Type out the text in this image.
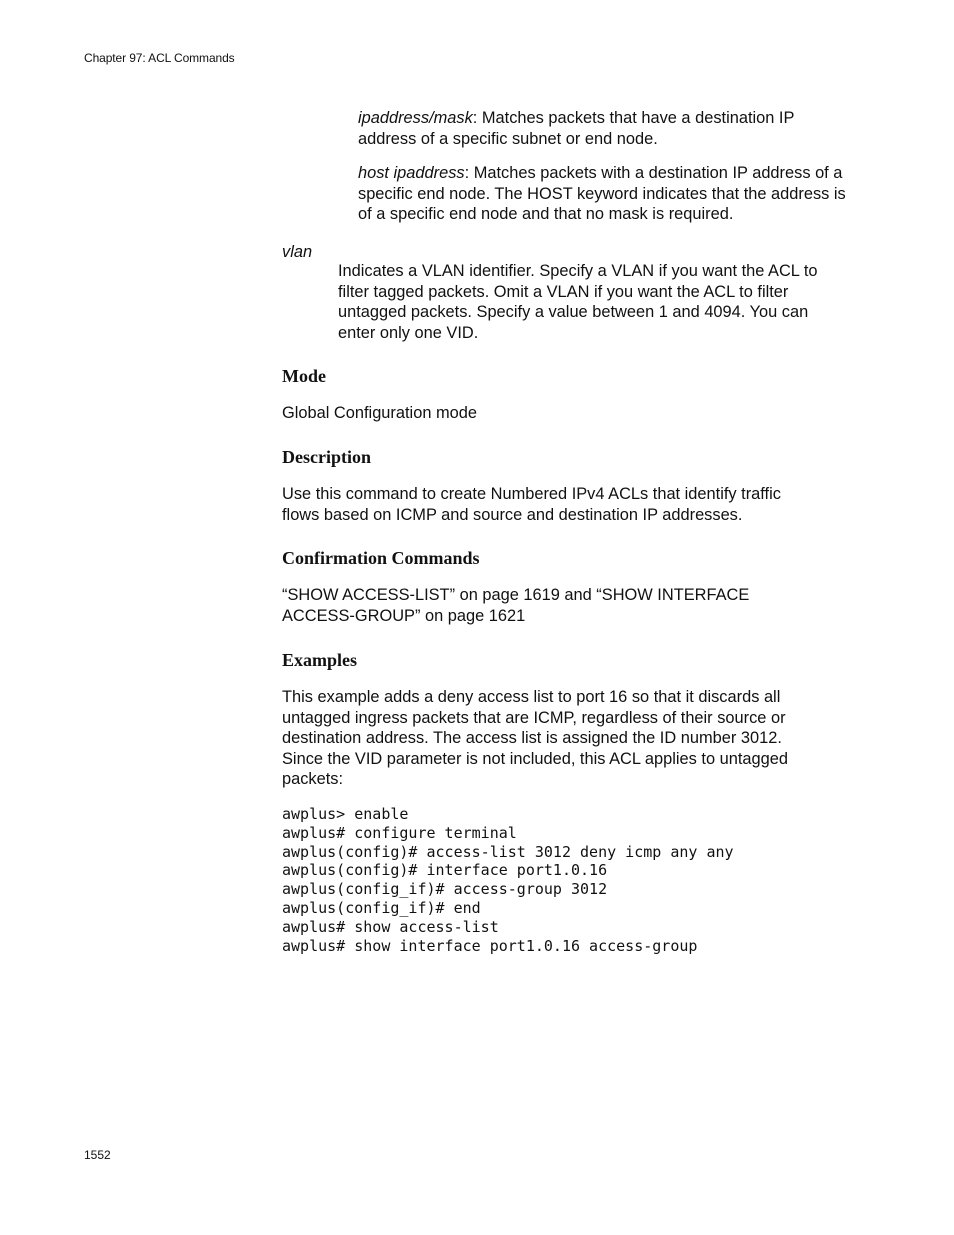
Chapter 97: ACL Commands

ipaddress/mask: Matches packets that have a destination IP address of a specific subnet or end node.

host ipaddress: Matches packets with a destination IP address of a specific end node. The HOST keyword indicates that the address is of a specific end node and that no mask is required.

vlan

Indicates a VLAN identifier. Specify a VLAN if you want the ACL to filter tagged packets. Omit a VLAN if you want the ACL to filter untagged packets. Specify a value between 1 and 4094. You can enter only one VID.

Mode

Global Configuration mode

Description

Use this command to create Numbered IPv4 ACLs that identify traffic flows based on ICMP and source and destination IP addresses.

Confirmation Commands

“SHOW ACCESS-LIST” on page 1619 and “SHOW INTERFACE ACCESS-GROUP” on page 1621

Examples

This example adds a deny access list to port 16 so that it discards all untagged ingress packets that are ICMP, regardless of their source or destination address. The access list is assigned the ID number 3012. Since the VID parameter is not included, this ACL applies to untagged packets:

awplus> enable
awplus# configure terminal
awplus(config)# access-list 3012 deny icmp any any
awplus(config)# interface port1.0.16
awplus(config_if)# access-group 3012
awplus(config_if)# end
awplus# show access-list
awplus# show interface port1.0.16 access-group
1552
